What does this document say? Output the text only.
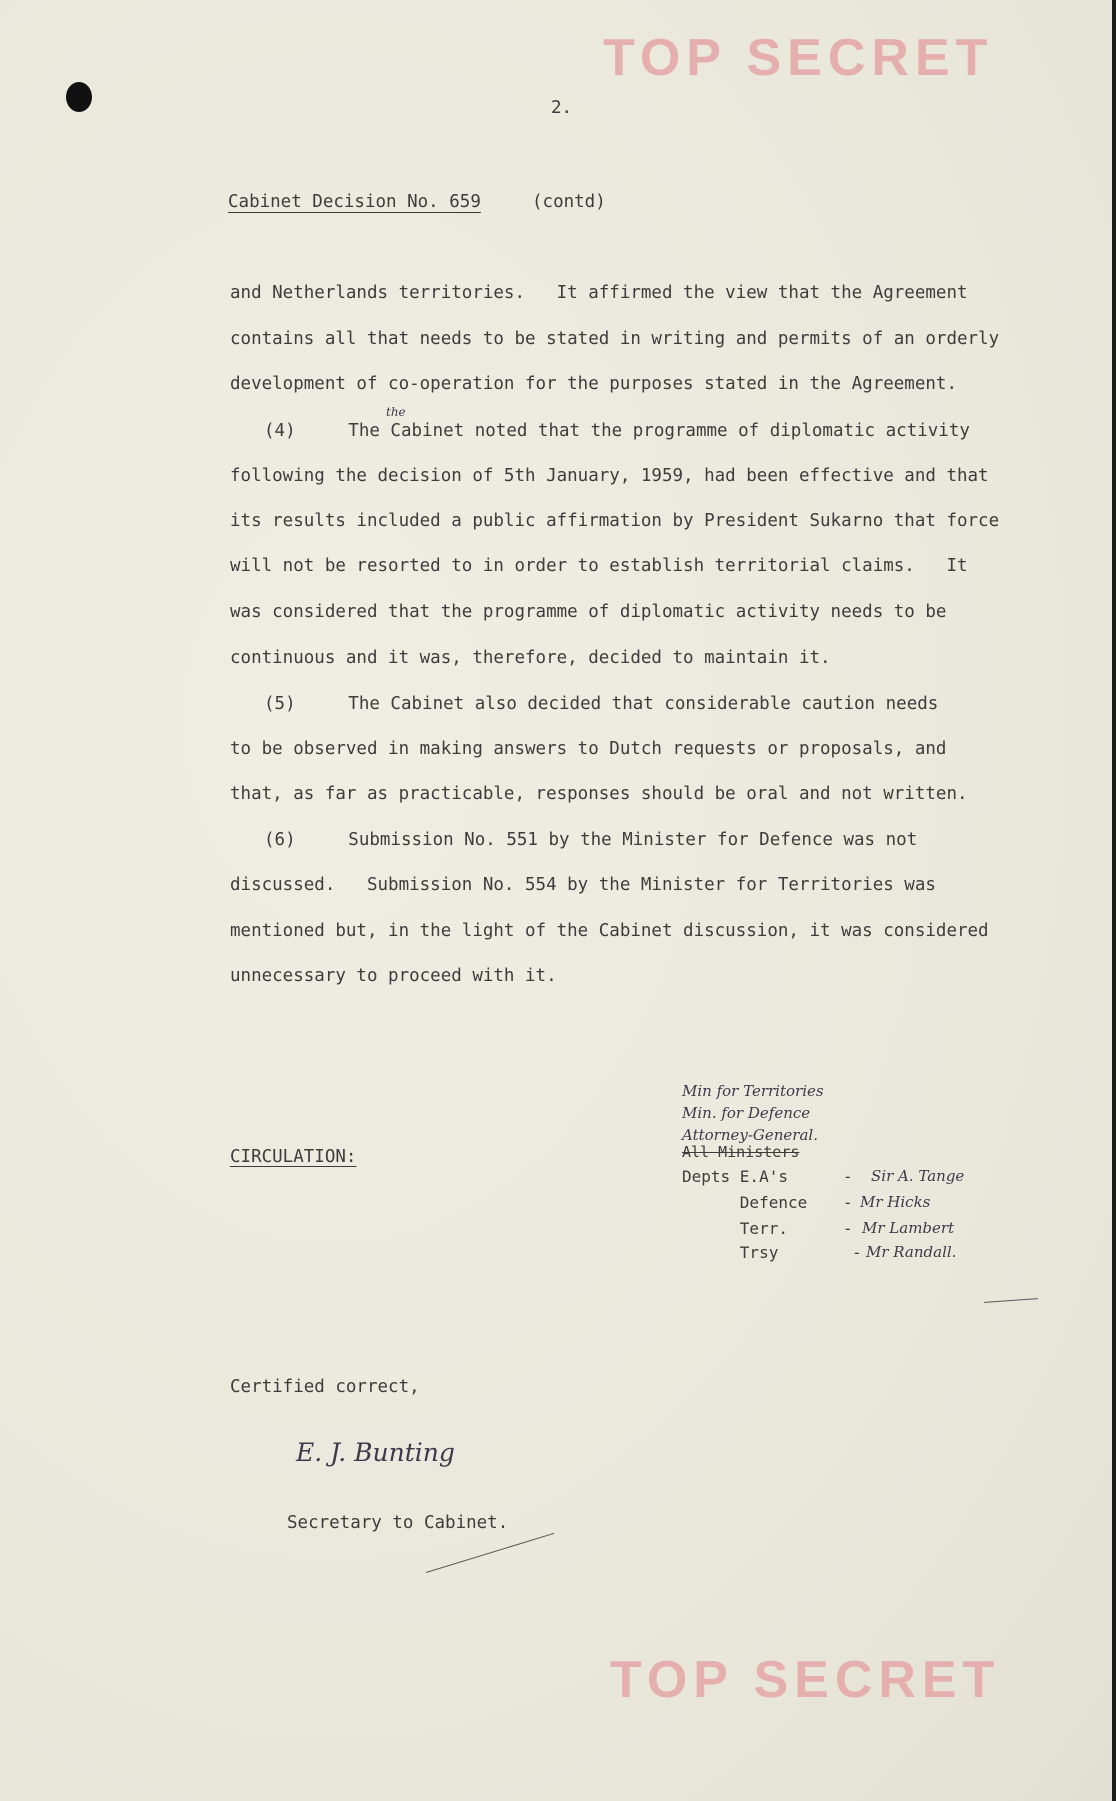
TOP SECRET
2.
Cabinet Decision No. 659	(contd)
and Netherlands territories.   It affirmed the view that the Agreement
contains all that needs to be stated in writing and permits of an orderly
development of co-operation for the purposes stated in the Agreement.
the
(4)     The Cabinet noted that the programme of diplomatic activity
following the decision of 5th January, 1959, had been effective and that
its results included a public affirmation by President Sukarno that force
will not be resorted to in order to establish territorial claims.   It
was considered that the programme of diplomatic activity needs to be
continuous and it was, therefore, decided to maintain it.
(5)     The Cabinet also decided that considerable caution needs
to be observed in making answers to Dutch requests or proposals, and
that, as far as practicable, responses should be oral and not written.
(6)     Submission No. 551 by the Minister for Defence was not
discussed.   Submission No. 554 by the Minister for Territories was
mentioned but, in the light of the Cabinet discussion, it was considered
unnecessary to proceed with it.
CIRCULATION:
Min for Territories
Min. for Defence
Attorney-General.
All Ministers
Depts E.A's	- Sir A. Tange
Defence - Mr Hicks
Terr.	- Mr Lambert
Trsy	- Mr Randall.
Certified correct,
E. J. Bunting
Secretary to Cabinet.
TOP SECRET
